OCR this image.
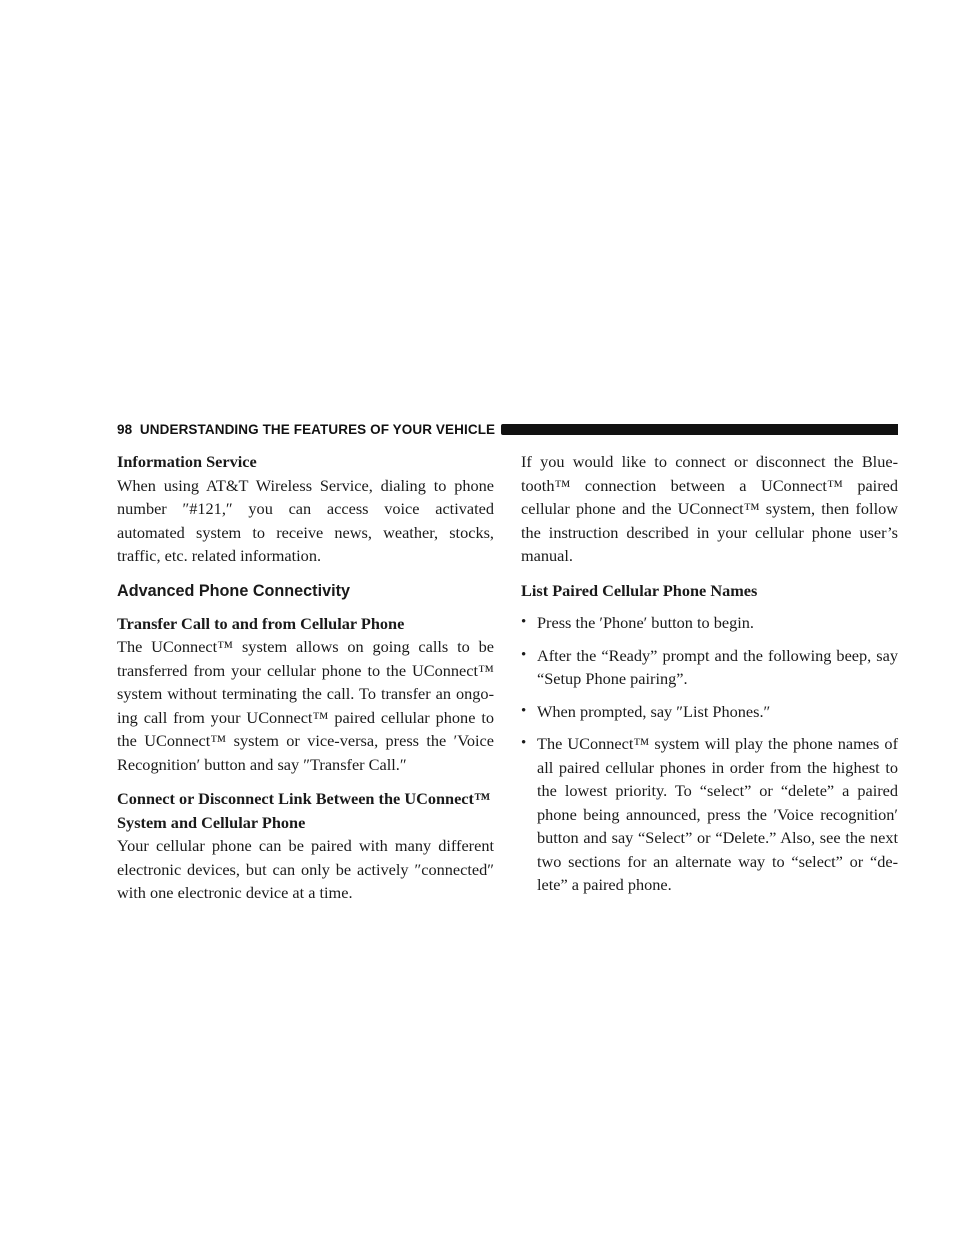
98 UNDERSTANDING THE FEATURES OF YOUR VEHICLE

Information Service

When using AT&T Wireless Service, dialing to phone number ″#121,″ you can access voice activated automated system to receive news, weather, stocks, traffic, etc. related information.

Advanced Phone Connectivity

Transfer Call to and from Cellular Phone

The UConnect™ system allows on going calls to be transferred from your cellular phone to the UConnect™ system without terminating the call. To transfer an ongo-ing call from your UConnect™ paired cellular phone to the UConnect™ system or vice-versa, press the ′Voice Recognition′ button and say ″Transfer Call.″

Connect or Disconnect Link Between the UConnect™ System and Cellular Phone

Your cellular phone can be paired with many different electronic devices, but can only be actively ″connected″ with one electronic device at a time.

If you would like to connect or disconnect the Blue-tooth™ connection between a UConnect™ paired cellular phone and the UConnect™ system, then follow the instruction described in your cellular phone user’s manual.

List Paired Cellular Phone Names

• Press the ′Phone′ button to begin.
• After the “Ready” prompt and the following beep, say “Setup Phone pairing”.
• When prompted, say ″List Phones.″
• The UConnect™ system will play the phone names of all paired cellular phones in order from the highest to the lowest priority. To “select” or “delete” a paired phone being announced, press the ′Voice recognition′ button and say “Select” or “Delete.” Also, see the next two sections for an alternate way to “select” or “de-lete” a paired phone.
